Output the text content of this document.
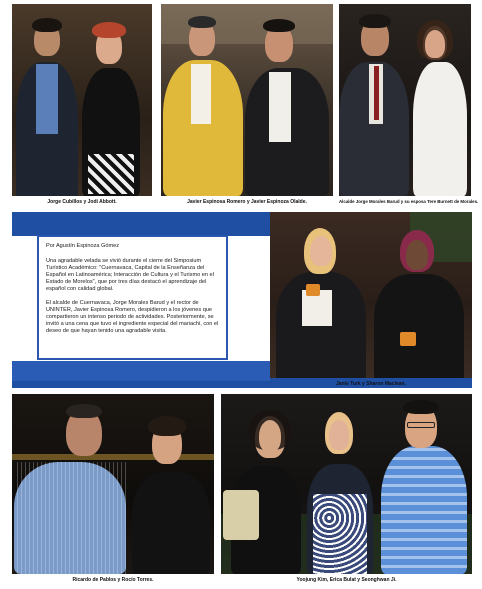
Jorge Cubillos y Jodi Abbott.	Javier Espinosa Romero y Javier Espinoza Olalde.	Alcalde Jorge Morales Barud y su esposa Tere Burnett de Morales.

Por Agustín Espinoza Gómez

Una agradable velada se vivió durante el cierre del Simposium Turístico Académico: "Cuernavaca, Capital de la Enseñanza del Español en Latinoamérica; Interacción de Cultura y el Turismo en el Estado de Morelos", que por tres días destacó el aprendizaje del español con calidad global.

El alcalde de Cuernavaca, Jorge Morales Barud y el rector de UNINTER, Javier Espinosa Romero, despidieron a los jóvenes que compartieron un intenso periodo de actividades. Posteriormente, se invitó a una cena que tuvo el ingrediente especial del mariachi, con el deseo de que hayan tenido una agradable visita.

Janis Turk y Sharon Maclean.
Ricardo de Pablos y Rocío Torres.	Yoojung Kim, Erica Bulat y Seonghwan Ji.
